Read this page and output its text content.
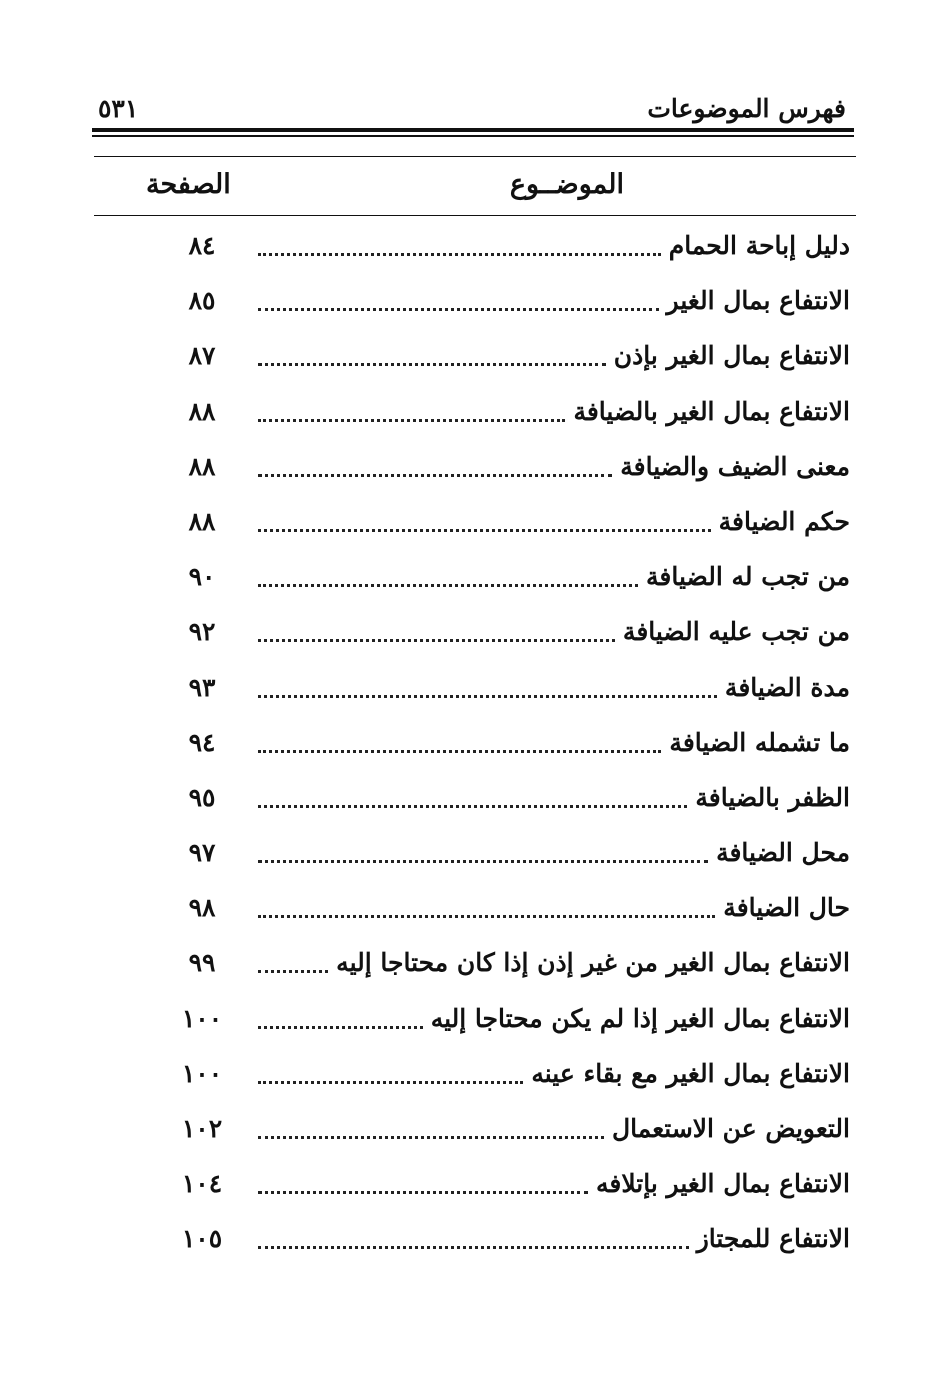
فهرس الموضوعات
٥٣١
الموضــوع
الصفحة
دليل إباحة الحمام
٨٤
الانتفاع بمال الغير
٨٥
الانتفاع بمال الغير بإذن
٨٧
الانتفاع بمال الغير بالضيافة
٨٨
معنى الضيف والضيافة
٨٨
حكم الضيافة
٨٨
من تجب له الضيافة
٩٠
من تجب عليه الضيافة
٩٢
مدة الضيافة
٩٣
ما تشمله الضيافة
٩٤
الظفر بالضيافة
٩٥
محل الضيافة
٩٧
حال الضيافة
٩٨
الانتفاع بمال الغير من غير إذن إذا كان محتاجا إليه
٩٩
الانتفاع بمال الغير إذا لم يكن محتاجا إليه
١٠٠
الانتفاع بمال الغير مع بقاء عينه
١٠٠
التعويض عن الاستعمال
١٠٢
الانتفاع بمال الغير بإتلافه
١٠٤
الانتفاع للمجتاز
١٠٥
